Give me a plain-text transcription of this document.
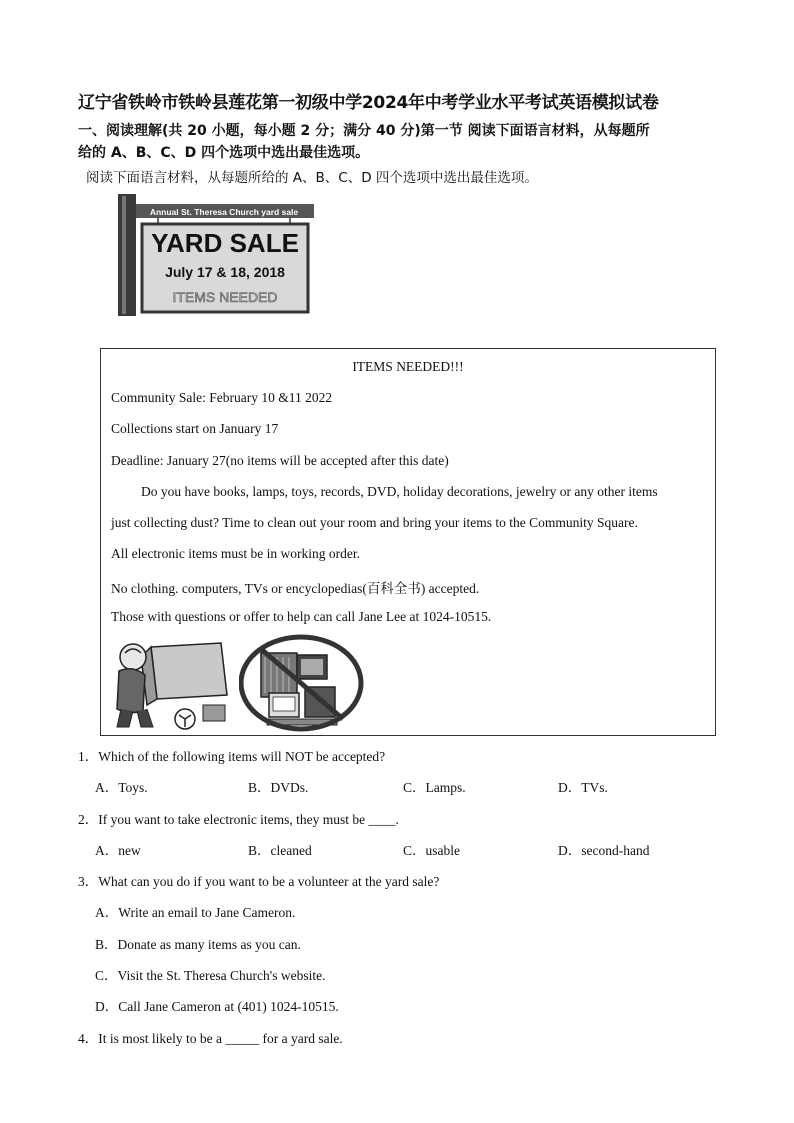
辽宁省铁岭市铁岭县莲花第一初级中学2024年中考学业水平考试英语模拟试卷
一、阅读理解(共 20 小题，每小题 2 分；满分 40 分)第一节 阅读下面语言材料，从每题所
给的 A、B、C、D 四个选项中选出最佳选项。
阅读下面语言材料，从每题所给的 A、B、C、D 四个选项中选出最佳选项。
Annual St. Theresa Church yard sale
YARD SALE
July 17 & 18, 2018
ITEMS NEEDED
ITEMS NEEDED!!!
Community Sale: February 10 &11 2022
Collections start on January 17
Deadline: January 27(no items will be accepted after this date)
Do you have books, lamps, toys, records, DVD, holiday decorations, jewelry or any other items
just collecting dust? Time to clean out your room and bring your items to the Community Square.
All electronic items must be in working order.
No clothing. computers, TVs or encyclopedias(百科全书) accepted.
Those with questions or offer to help can call Jane Lee at 1024-10515.
1．Which of the following items will NOT be accepted?
A．Toys.	B．DVDs.	C．Lamps.	D．TVs.
2．If you want to take electronic items, they must be ____.
A．new	B．cleaned	C．usable	D．second-hand
3．What can you do if you want to be a volunteer at the yard sale?
A．Write an email to Jane Cameron.
B．Donate as many items as you can.
C．Visit the St. Theresa Church's website.
D．Call Jane Cameron at (401) 1024-10515.
4．It is most likely to be a _____ for a yard sale.
